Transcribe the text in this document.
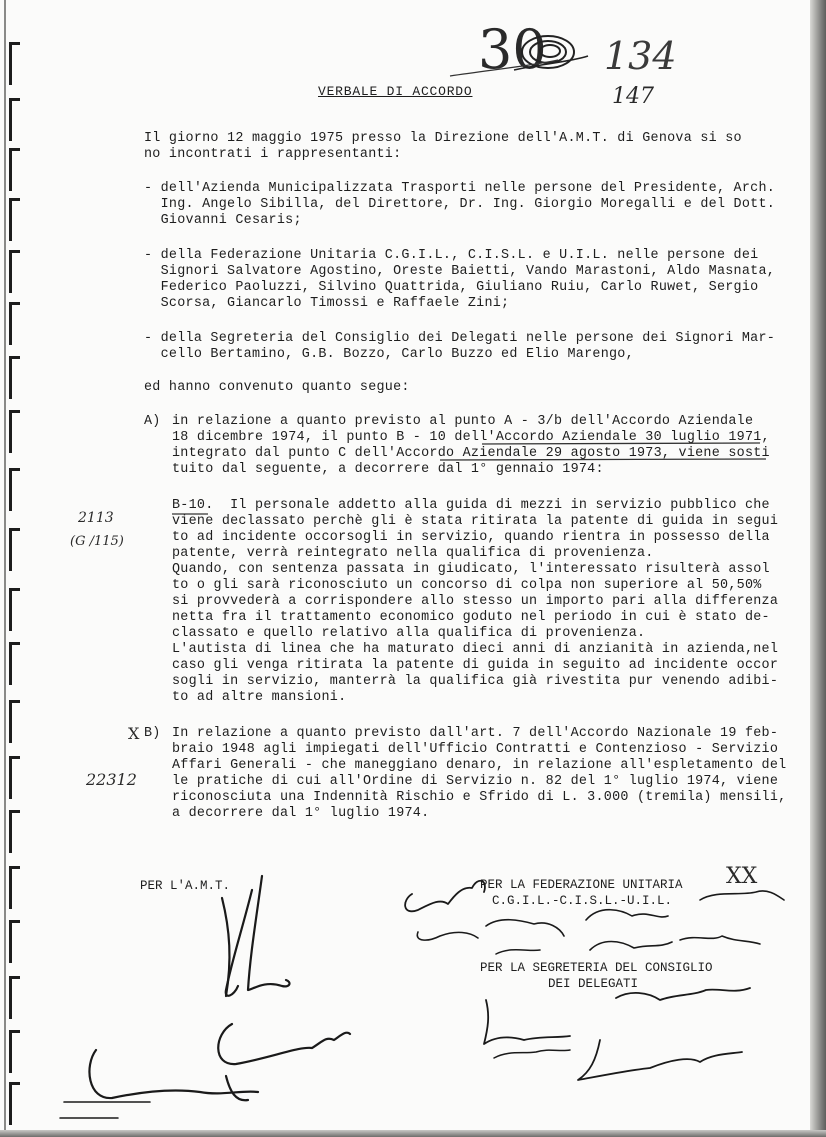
30 134
147
VERBALE DI ACCORDO
Il giorno 12 maggio 1975 presso la Direzione dell'A.M.T. di Genova si so
no incontrati i rappresentanti:
- dell'Azienda Municipalizzata Trasporti nelle persone del Presidente, Arch.
Ing. Angelo Sibilla, del Direttore, Dr. Ing. Giorgio Moregalli e del Dott.
Giovanni Cesaris;
- della Federazione Unitaria C.G.I.L., C.I.S.L. e U.I.L. nelle persone dei
Signori Salvatore Agostino, Oreste Baietti, Vando Marastoni, Aldo Masnata,
Federico Paoluzzi, Silvino Quattrida, Giuliano Ruiu, Carlo Ruwet, Sergio
Scorsa, Giancarlo Timossi e Raffaele Zini;
- della Segreteria del Consiglio dei Delegati nelle persone dei Signori Mar-
cello Bertamino, G.B. Bozzo, Carlo Buzzo ed Elio Marengo,
ed hanno convenuto quanto segue:
A) in relazione a quanto previsto al punto A - 3/b dell'Accordo Aziendale
18 dicembre 1974, il punto B - 10 dell'Accordo Aziendale 30 luglio 1971,
integrato dal punto C dell'Accordo Aziendale 29 agosto 1973, viene sosti
tuito dal seguente, a decorrere dal 1° gennaio 1974:
B-10.  Il personale addetto alla guida di mezzi in servizio pubblico che
viene declassato perchè gli è stata ritirata la patente di guida in segui
to ad incidente occorsogli in servizio, quando rientra in possesso della
patente, verrà reintegrato nella qualifica di provenienza.
Quando, con sentenza passata in giudicato, l'interessato risulterà assol
to o gli sarà riconosciuto un concorso di colpa non superiore al 50,50%
si provvederà a corrispondere allo stesso un importo pari alla differenza
netta fra il trattamento economico goduto nel periodo in cui è stato de-
classato e quello relativo alla qualifica di provenienza.
L'autista di linea che ha maturato dieci anni di anzianità in azienda,nel
caso gli venga ritirata la patente di guida in seguito ad incidente occor
sogli in servizio, manterrà la qualifica già rivestita pur venendo adibi-
to ad altre mansioni.
2113
(G /115)
22312
X B) In relazione a quanto previsto dall'art. 7 dell'Accordo Nazionale 19 feb-
braio 1948 agli impiegati dell'Ufficio Contratti e Contenzioso - Servizio
Affari Generali - che maneggiano denaro, in relazione all'espletamento del
le pratiche di cui all'Ordine di Servizio n. 82 del 1° luglio 1974, viene
riconosciuta una Indennità Rischio e Sfrido di L. 3.000 (tremila) mensili,
a decorrere dal 1° luglio 1974.
PER L'A.M.T.	PER LA FEDERAZIONE UNITARIA
C.G.I.L.-C.I.S.L.-U.I.L.
PER LA SEGRETERIA DEL CONSIGLIO
DEI DELEGATI
XX
